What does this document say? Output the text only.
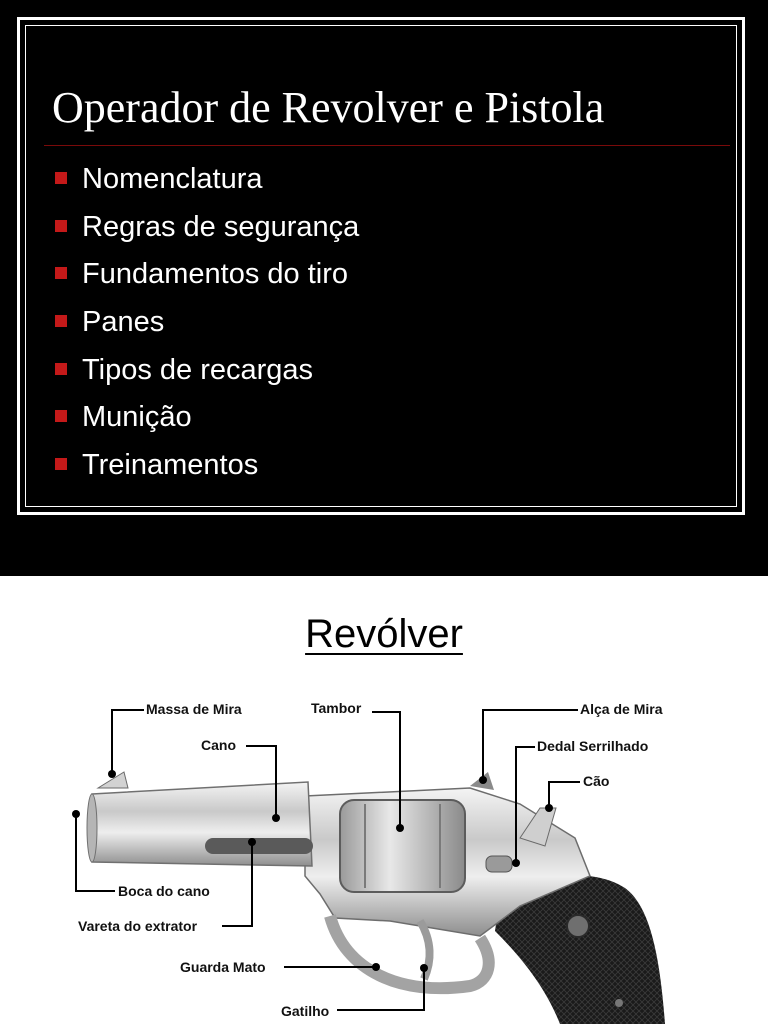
Operador de Revolver e Pistola
Nomenclatura
Regras de segurança
Fundamentos do tiro
Panes
Tipos de recargas
Munição
Treinamentos
Revólver
Massa de Mira
Cano
Tambor	Alça de Mira
Dedal Serrilhado
Cão
Boca do cano
Vareta do extrator
Guarda Mato
Gatilho
